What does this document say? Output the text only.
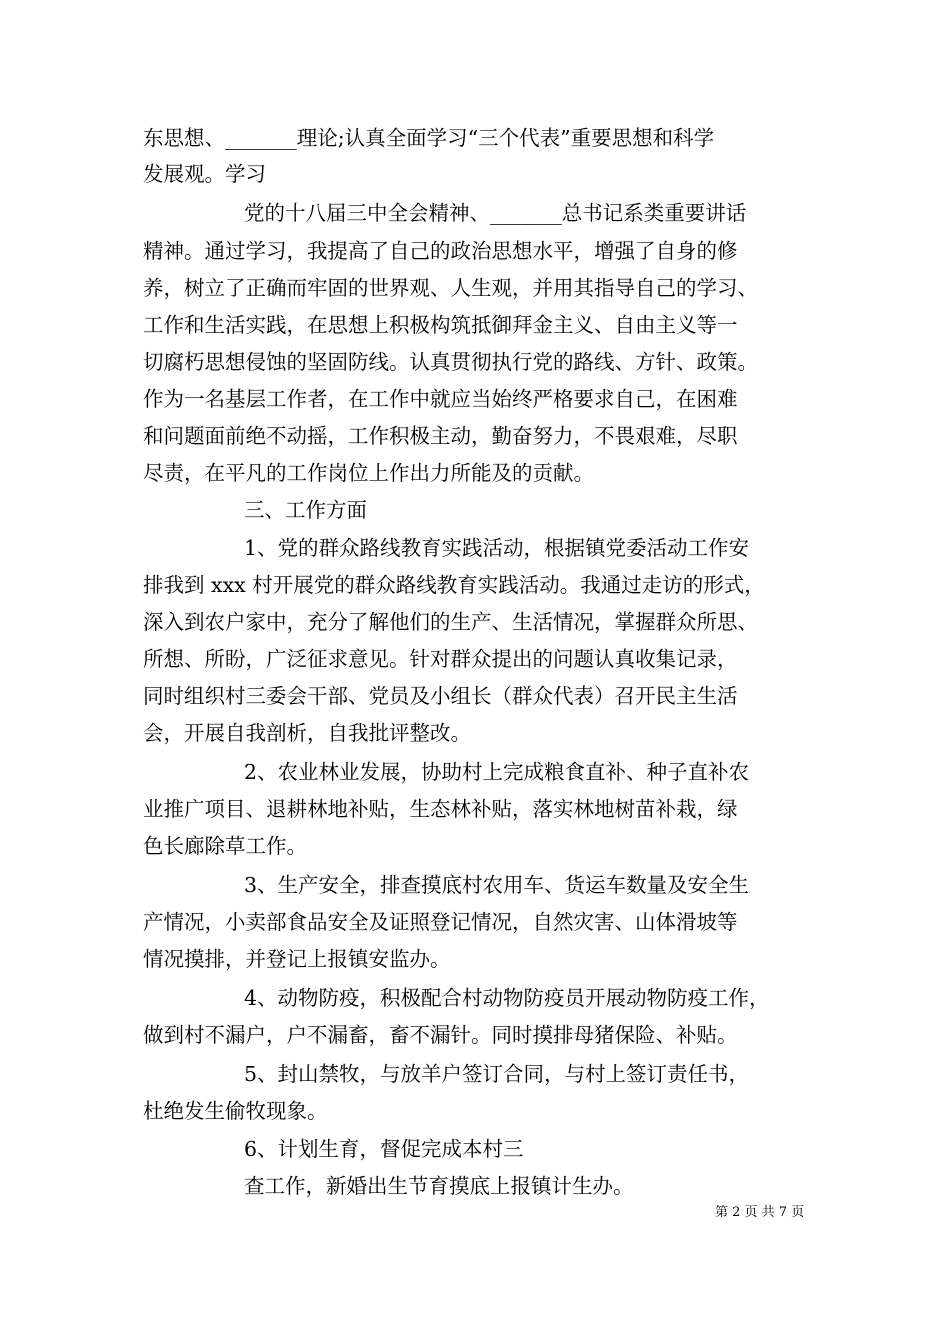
东思想、_______理论;认真全面学习“三个代表”重要思想和科学
发展观。学习
党的十八届三中全会精神、_______总书记系类重要讲话
精神。通过学习，我提高了自己的政治思想水平，增强了自身的修
养，树立了正确而牢固的世界观、人生观，并用其指导自己的学习、
工作和生活实践，在思想上积极构筑抵御拜金主义、自由主义等一
切腐朽思想侵蚀的坚固防线。认真贯彻执行党的路线、方针、政策。
作为一名基层工作者，在工作中就应当始终严格要求自己，在困难
和问题面前绝不动摇，工作积极主动，勤奋努力，不畏艰难，尽职
尽责，在平凡的工作岗位上作出力所能及的贡献。
三、工作方面
1、党的群众路线教育实践活动，根据镇党委活动工作安
排我到 xxx 村开展党的群众路线教育实践活动。我通过走访的形式，
深入到农户家中，充分了解他们的生产、生活情况，掌握群众所思、
所想、所盼，广泛征求意见。针对群众提出的问题认真收集记录，
同时组织村三委会干部、党员及小组长（群众代表）召开民主生活
会，开展自我剖析，自我批评整改。
2、农业林业发展，协助村上完成粮食直补、种子直补农
业推广项目、退耕林地补贴，生态林补贴，落实林地树苗补栽，绿
色长廊除草工作。
3、生产安全，排查摸底村农用车、货运车数量及安全生
产情况，小卖部食品安全及证照登记情况，自然灾害、山体滑坡等
情况摸排，并登记上报镇安监办。
4、动物防疫，积极配合村动物防疫员开展动物防疫工作，
做到村不漏户，户不漏畜，畜不漏针。同时摸排母猪保险、补贴。
5、封山禁牧，与放羊户签订合同，与村上签订责任书，
杜绝发生偷牧现象。
6、计划生育，督促完成本村三
查工作，新婚出生节育摸底上报镇计生办。
第 2 页 共 7 页
